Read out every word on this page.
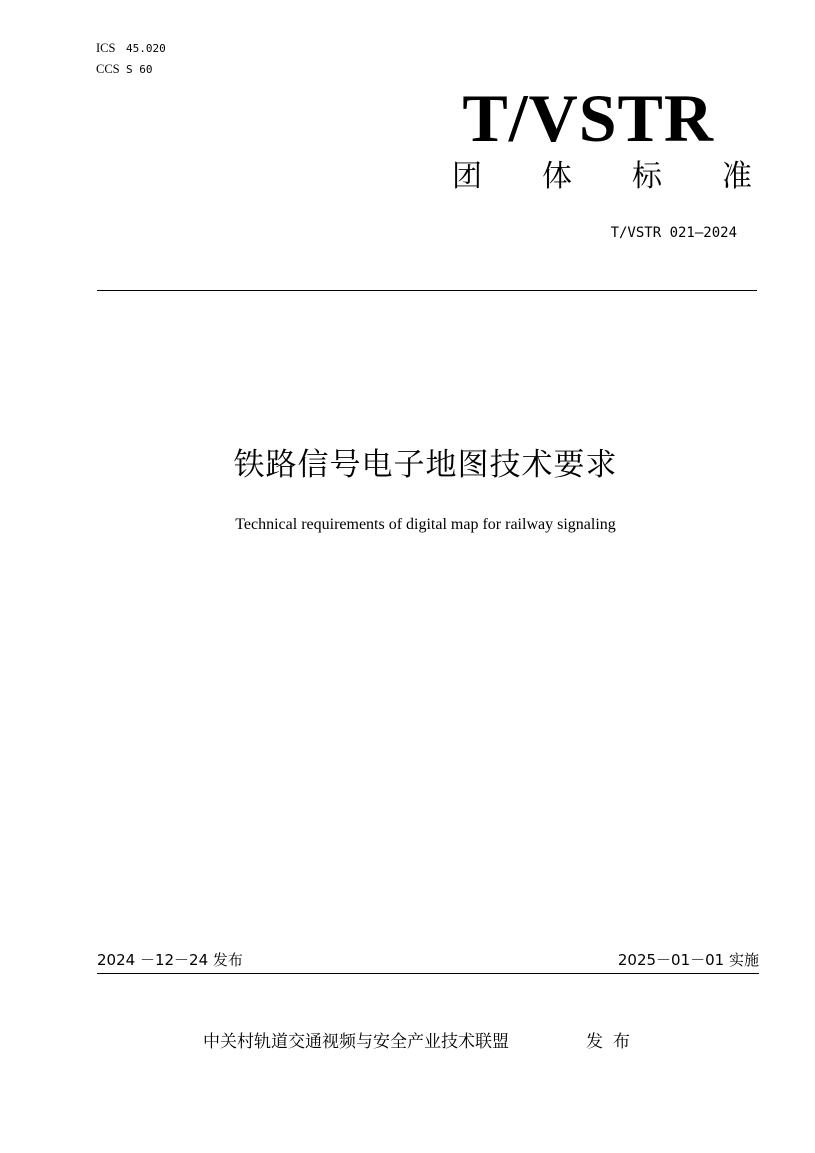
ICS 45.020
CCS S 60
T/VSTR
团 体 标 准
T/VSTR 021—2024
铁路信号电子地图技术要求
Technical requirements of digital map for railway signaling
2024 －12－24 发布	2025－01－01 实施
中关村轨道交通视频与安全产业技术联盟	发布
